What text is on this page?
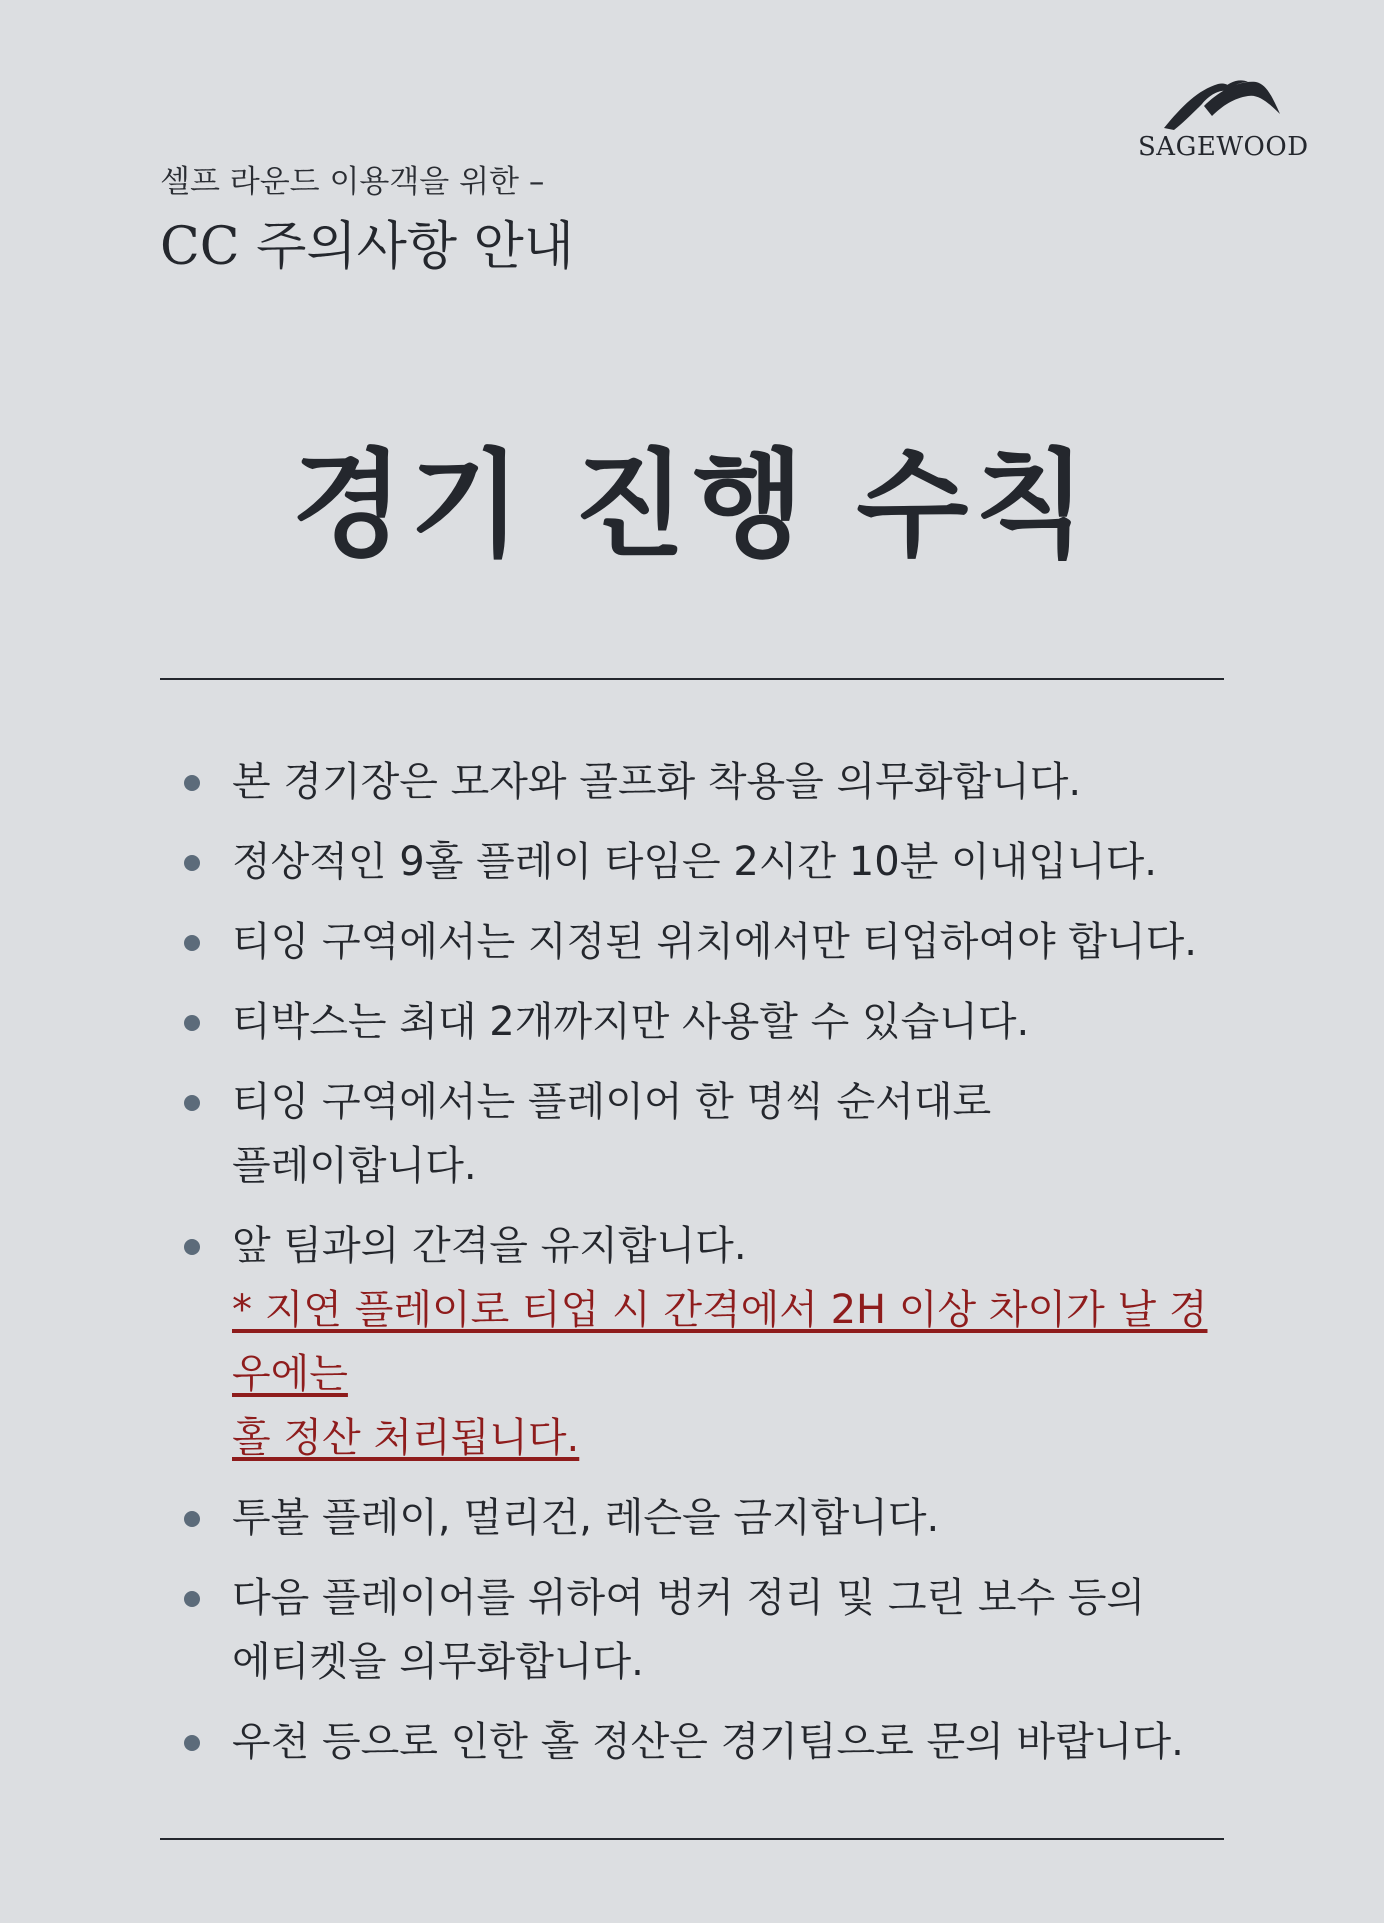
SAGEWOOD
셀프 라운드 이용객을 위한 –
CC 주의사항 안내
경기 진행 수칙
본 경기장은 모자와 골프화 착용을 의무화합니다.
정상적인 9홀 플레이 타임은 2시간 10분 이내입니다.
티잉 구역에서는 지정된 위치에서만 티업하여야 합니다.
티박스는 최대 2개까지만 사용할 수 있습니다.
티잉 구역에서는 플레이어 한 명씩 순서대로
플레이합니다.
앞 팀과의 간격을 유지합니다.
* 지연 플레이로 티업 시 간격에서 2H 이상 차이가 날 경우에는
홀 정산 처리됩니다.
투볼 플레이, 멀리건, 레슨을 금지합니다.
다음 플레이어를 위하여 벙커 정리 및 그린 보수 등의
에티켓을 의무화합니다.
우천 등으로 인한 홀 정산은 경기팀으로 문의 바랍니다.
